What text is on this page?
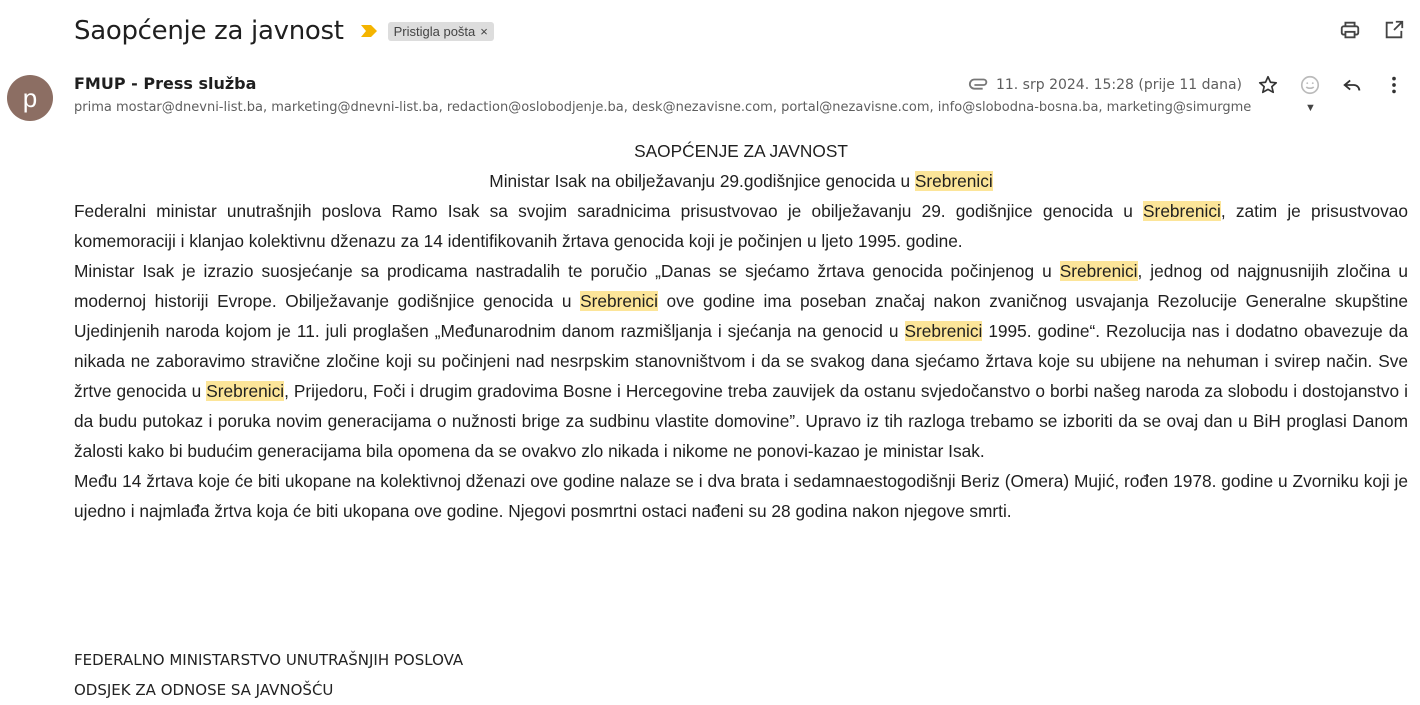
Saopćenje za javnost	Pristigla pošta ×
p	FMUP - Press služba
prima mostar@dnevni-list.ba, marketing@dnevni-list.ba, redaction@oslobodjenje.ba, desk@nezavisne.com, portal@nezavisne.com, info@slobodna-bosna.ba, marketing@simurgme	▼
11. srp 2024. 15:28 (prije 11 dana)
SAOPĆENJE ZA JAVNOST
Ministar Isak na obilježavanju 29.godišnjice genocida u Srebrenici
Federalni ministar unutrašnjih poslova Ramo Isak sa svojim saradnicima prisustvovao je obilježavanju 29. godišnjice genocida u Srebrenici, zatim je prisustvovao komemoraciji i klanjao kolektivnu dženazu za 14 identifikovanih žrtava genocida koji je počinjen u ljeto 1995. godine.
Ministar Isak je izrazio suosjećanje sa prodicama nastradalih te poručio „Danas se sjećamo žrtava genocida počinjenog u Srebrenici, jednog od najgnusnijih zločina u modernoj historiji Evrope. Obilježavanje godišnjice genocida u Srebrenici ove godine ima poseban značaj nakon zvaničnog usvajanja Rezolucije Generalne skupštine Ujedinjenih naroda kojom je 11. juli proglašen „Međunarodnim danom razmišljanja i sjećanja na genocid u Srebrenici 1995. godine“. Rezolucija nas i dodatno obavezuje da nikada ne zaboravimo stravične zločine koji su počinjeni nad nesrpskim stanovništvom i da se svakog dana sjećamo žrtava koje su ubijene na nehuman i svirep način. Sve žrtve genocida u Srebrenici, Prijedoru, Foči i drugim gradovima Bosne i Hercegovine treba zauvijek da ostanu svjedočanstvo o borbi našeg naroda za slobodu i dostojanstvo i da budu putokaz i poruka novim generacijama o nužnosti brige za sudbinu vlastite domovine”. Upravo iz tih razloga trebamo se izboriti da se ovaj dan u BiH proglasi Danom žalosti kako bi budućim generacijama bila opomena da se ovakvo zlo nikada i nikome ne ponovi-kazao je ministar Isak.
Među 14 žrtava koje će biti ukopane na kolektivnoj dženazi ove godine nalaze se i dva brata i sedamnaestogodišnji Beriz (Omera) Mujić, rođen 1978. godine u Zvorniku koji je ujedno i najmlađa žrtva koja će biti ukopana ove godine. Njegovi posmrtni ostaci nađeni su 28 godina nakon njegove smrti.
FEDERALNO MINISTARSTVO UNUTRAŠNJIH POSLOVA
ODSJEK ZA ODNOSE SA JAVNOŠĆU
